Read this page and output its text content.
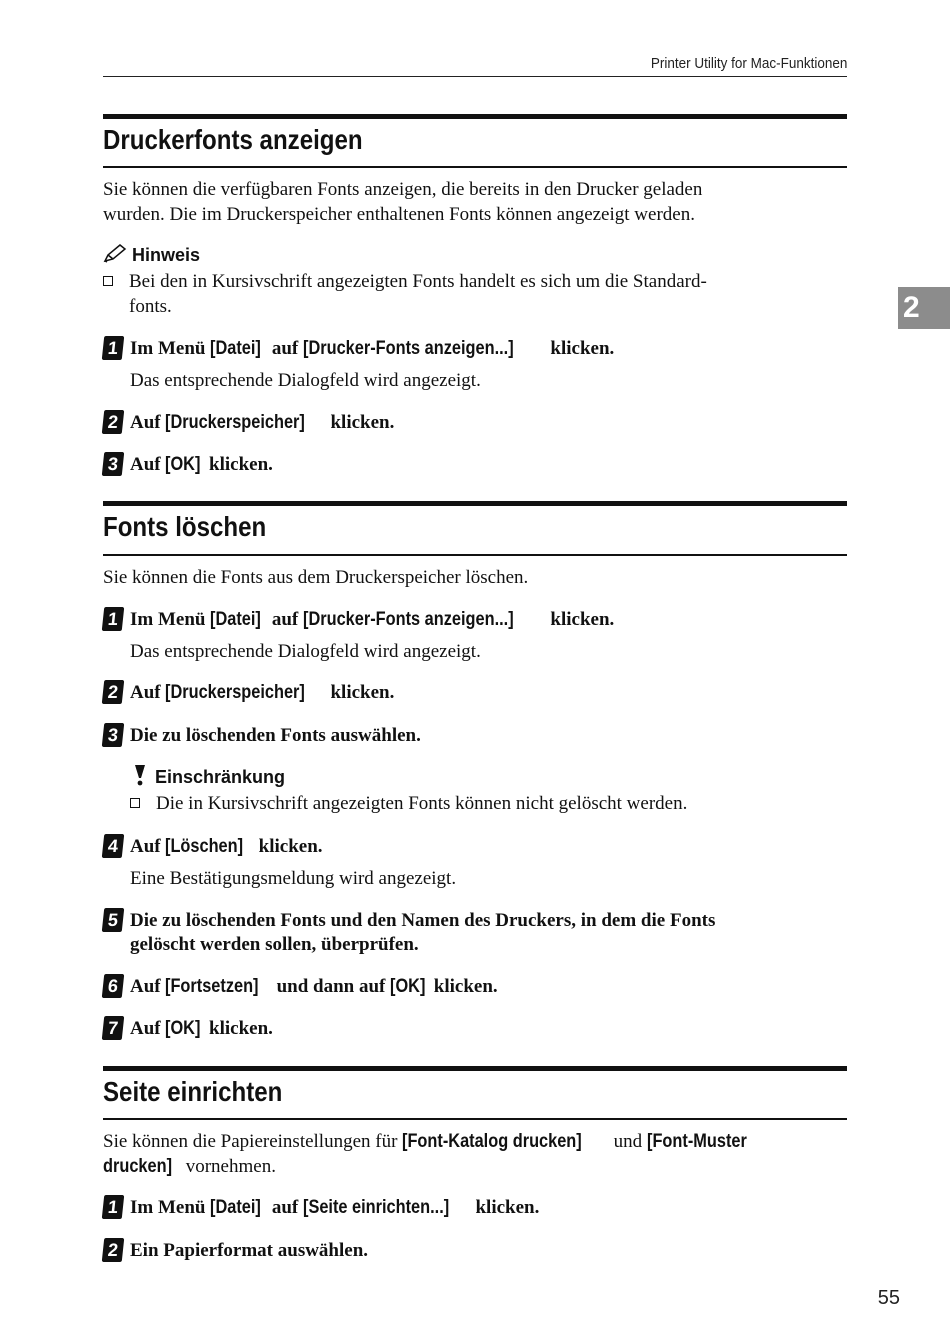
Printer Utility for Mac-Funktionen
2
Druckerfonts anzeigen
Sie können die verfügbaren Fonts anzeigen, die bereits in den Drucker geladen
wurden. Die im Druckerspeicher enthaltenen Fonts können angezeigt werden.
Hinweis
Bei den in Kursivschrift angezeigten Fonts handelt es sich um die Standard-
fonts.
1 Im Menü [Datei] auf [Drucker-Fonts anzeigen...] klicken.
Das entsprechende Dialogfeld wird angezeigt.
2 Auf [Druckerspeicher] klicken.
3 Auf [OK] klicken.
Fonts löschen
Sie können die Fonts aus dem Druckerspeicher löschen.
1 Im Menü [Datei] auf [Drucker-Fonts anzeigen...] klicken.
Das entsprechende Dialogfeld wird angezeigt.
2 Auf [Druckerspeicher] klicken.
3 Die zu löschenden Fonts auswählen.
Einschränkung
Die in Kursivschrift angezeigten Fonts können nicht gelöscht werden.
4 Auf [Löschen] klicken.
Eine Bestätigungsmeldung wird angezeigt.
5 Die zu löschenden Fonts und den Namen des Druckers, in dem die Fonts
gelöscht werden sollen, überprüfen.
6 Auf [Fortsetzen] und dann auf [OK] klicken.
7 Auf [OK] klicken.
Seite einrichten
Sie können die Papiereinstellungen für [Font-Katalog drucken] und [Font-Muster
drucken] vornehmen.
1 Im Menü [Datei] auf [Seite einrichten...] klicken.
2 Ein Papierformat auswählen.
55
